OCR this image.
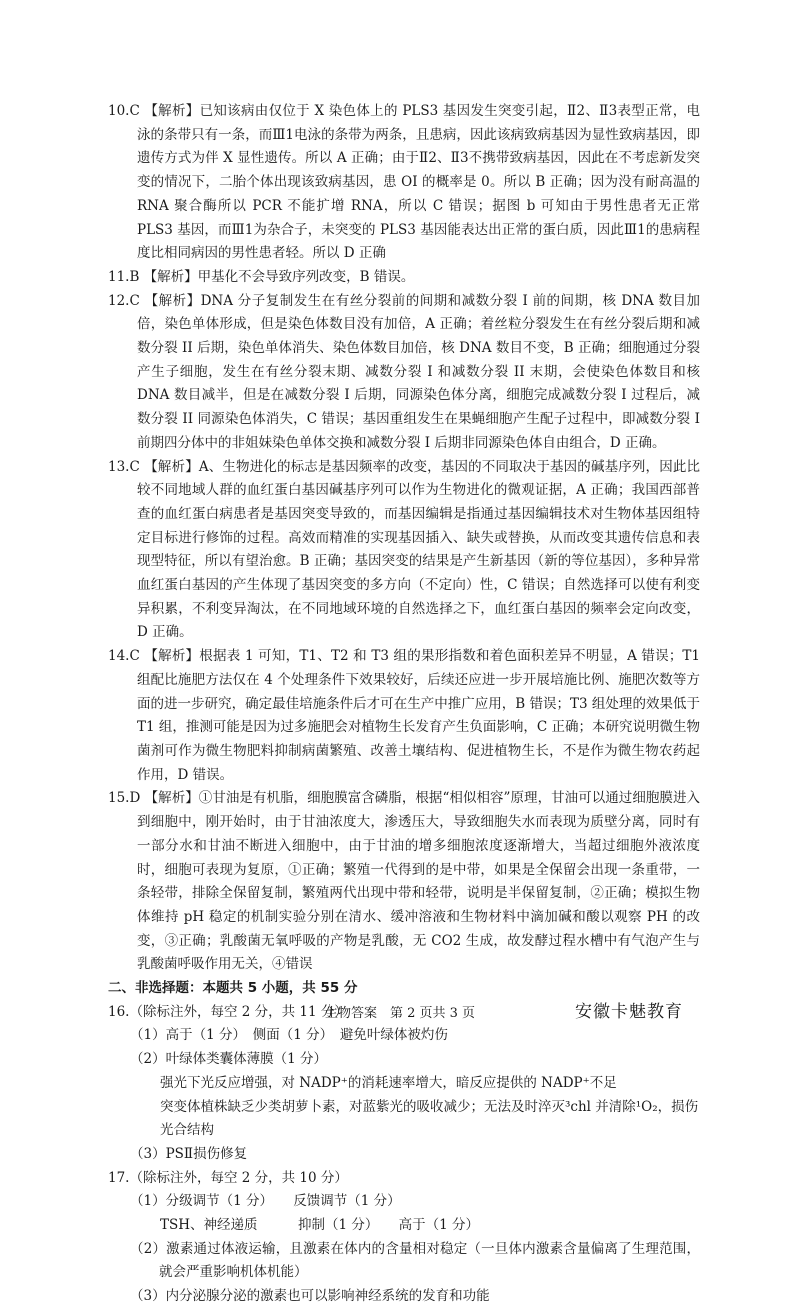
10.C 【解析】已知该病由仅位于 X 染色体上的 PLS3 基因发生突变引起，Ⅱ2、Ⅱ3表型正常，电泳的条带只有一条，而Ⅲ1电泳的条带为两条，且患病，因此该病致病基因为显性致病基因，即遗传方式为伴 X 显性遗传。所以 A 正确；由于Ⅱ2、Ⅱ3不携带致病基因，因此在不考虑新发突变的情况下，二胎个体出现该致病基因，患 OI 的概率是 0。所以 B 正确；因为没有耐高温的 RNA 聚合酶所以 PCR 不能扩增 RNA，所以 C 错误；据图 b 可知由于男性患者无正常 PLS3 基因，而Ⅲ1为杂合子，未突变的 PLS3 基因能表达出正常的蛋白质，因此Ⅲ1的患病程度比相同病因的男性患者轻。所以 D 正确
11.B 【解析】甲基化不会导致序列改变，B 错误。
12.C 【解析】DNA 分子复制发生在有丝分裂前的间期和减数分裂 I 前的间期，核 DNA 数目加倍，染色单体形成，但是染色体数目没有加倍，A 正确；着丝粒分裂发生在有丝分裂后期和减数分裂 II 后期，染色单体消失、染色体数目加倍，核 DNA 数目不变，B 正确；细胞通过分裂产生子细胞，发生在有丝分裂末期、减数分裂 I 和减数分裂 II 末期，会使染色体数目和核 DNA 数目减半，但是在减数分裂 I 后期，同源染色体分离，细胞完成减数分裂 I 过程后，减数分裂 II 同源染色体消失，C 错误；基因重组发生在果蝇细胞产生配子过程中，即减数分裂 I 前期四分体中的非姐妹染色单体交换和减数分裂 I 后期非同源染色体自由组合，D 正确。
13.C 【解析】A、生物进化的标志是基因频率的改变，基因的不同取决于基因的碱基序列，因此比较不同地域人群的血红蛋白基因碱基序列可以作为生物进化的微观证据，A 正确；我国西部普查的血红蛋白病患者是基因突变导致的，而基因编辑是指通过基因编辑技术对生物体基因组特定目标进行修饰的过程。高效而精准的实现基因插入、缺失或替换，从而改变其遗传信息和表现型特征，所以有望治愈。B 正确；基因突变的结果是产生新基因（新的等位基因），多种异常血红蛋白基因的产生体现了基因突变的多方向（不定向）性，C 错误；自然选择可以使有利变异积累，不利变异淘汰，在不同地域环境的自然选择之下，血红蛋白基因的频率会定向改变，D 正确。
14.C 【解析】根据表 1 可知，T1、T2 和 T3 组的果形指数和着色面积差异不明显，A 错误；T1 组配比施肥方法仅在 4 个处理条件下效果较好，后续还应进一步开展培施比例、施肥次数等方面的进一步研究，确定最佳培施条件后才可在生产中推广应用，B 错误；T3 组处理的效果低于 T1 组，推测可能是因为过多施肥会对植物生长发育产生负面影响，C 正确；本研究说明微生物菌剂可作为微生物肥料抑制病菌繁殖、改善土壤结构、促进植物生长，不是作为微生物农药起作用，D 错误。
15.D 【解析】①甘油是有机脂，细胞膜富含磷脂，根据“相似相容”原理，甘油可以通过细胞膜进入到细胞中，刚开始时，由于甘油浓度大，渗透压大，导致细胞失水而表现为质壁分离，同时有一部分水和甘油不断进入细胞中，由于甘油的增多细胞浓度逐渐增大，当超过细胞外液浓度时，细胞可表现为复原，①正确；繁殖一代得到的是中带，如果是全保留会出现一条重带，一条轻带，排除全保留复制，繁殖两代出现中带和轻带，说明是半保留复制，②正确；模拟生物体维持 pH 稳定的机制实验分别在清水、缓冲溶液和生物材料中滴加碱和酸以观察 PH 的改变，③正确；乳酸菌无氧呼吸的产物是乳酸，无 CO2 生成，故发酵过程水槽中有气泡产生与乳酸菌呼吸作用无关，④错误
二、非选择题：本题共 5 小题，共 55 分
16.（除标注外，每空 2 分，共 11 分）
（1）高于（1 分）　侧面（1 分）　避免叶绿体被灼伤
（2）叶绿体类囊体薄膜（1 分）
强光下光反应增强，对 NADP⁺的消耗速率增大，暗反应提供的 NADP⁺不足
突变体植株缺乏少类胡萝卜素，对蓝紫光的吸收减少；无法及时淬灭³chl 并清除¹O₂，损伤光合结构
（3）PSⅡ损伤修复
17.（除标注外，每空 2 分，共 10 分）
（1）分级调节（1 分）　　反馈调节（1 分）
TSH、神经递质　　　抑制（1 分）　　高于（1 分）
（2）激素通过体液运输，且激素在体内的含量相对稳定（一旦体内激素含量偏离了生理范围，就会严重影响机体机能）
（3）内分泌腺分泌的激素也可以影响神经系统的发育和功能
生物答案　第 2 页共 3 页	安徽卡魅教育
